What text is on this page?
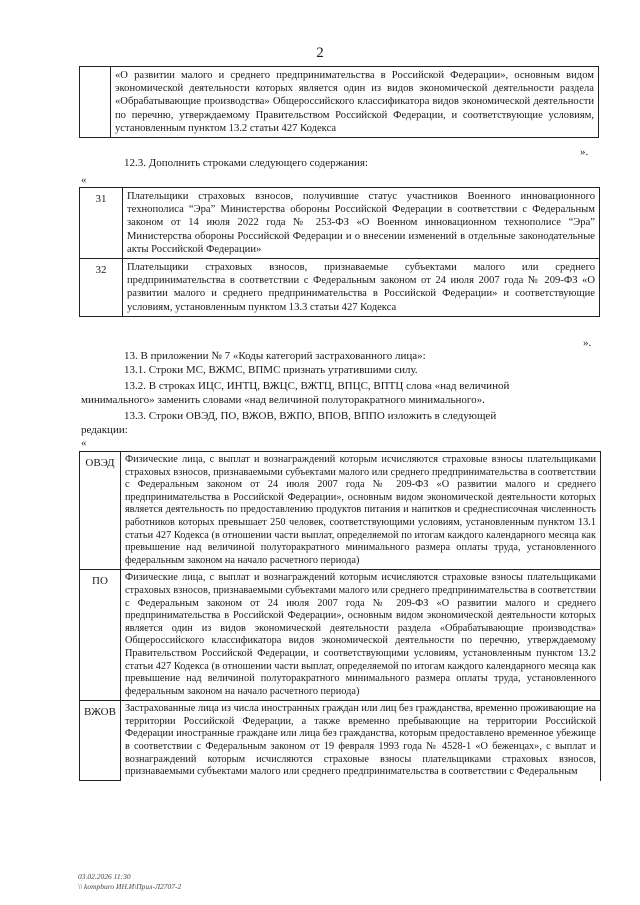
2
	«О развитии малого и среднего предпринимательства в Российской Федерации», основным видом экономической деятельности которых является один из видов экономической деятельности раздела «Обрабатывающие производства» Общероссийского классификатора видов экономической деятельности по перечню, утверждаемому Правительством Российской Федерации, и соответствующие условиям, установленным пунктом 13.2 статьи 427 Кодекса
».
12.3. Дополнить строками следующего содержания:
«
31	Плательщики страховых взносов, получившие статус участников Военного инновационного технополиса “Эра” Министерства обороны Российской Федерации в соответствии с Федеральным законом от 14 июля 2022 года № 253-ФЗ «О Военном инновационном технополисе “Эра” Министерства обороны Российской Федерации и о внесении изменений в отдельные законодательные акты Российской Федерации»
32	Плательщики страховых взносов, признаваемые субъектами малого или среднего предпринимательства в соответствии с Федеральным законом от 24 июля 2007 года № 209-ФЗ «О развитии малого и среднего предпринимательства в Российской Федерации» и соответствующие условиям, установленным пунктом 13.3 статьи 427 Кодекса
».
13. В приложении № 7 «Коды категорий застрахованного лица»:
13.1. Строки МС, ВЖМС, ВПМС признать утратившими силу.
13.2. В строках ИЦС, ИНТЦ, ВЖЦС, ВЖТЦ, ВПЦС, ВПТЦ слова «над величиной
минимального» заменить словами «над величиной полуторакратного минимального».
13.3. Строки ОВЭД, ПО, ВЖОВ, ВЖПО, ВПОВ, ВППО изложить в следующей
редакции:
«
ОВЭД	Физические лица, с выплат и вознаграждений которым исчисляются страховые взносы плательщиками страховых взносов, признаваемыми субъектами малого или среднего предпринимательства в соответствии с Федеральным законом от 24 июля 2007 года № 209-ФЗ «О развитии малого и среднего предпринимательства в Российской Федерации», основным видом экономической деятельности которых является деятельность по предоставлению продуктов питания и напитков и среднесписочная численность работников которых превышает 250 человек, соответствующими условиям, установленным пунктом 13.1 статьи 427 Кодекса (в отношении части выплат, определяемой по итогам каждого календарного месяца как превышение над величиной полуторакратного минимального размера оплаты труда, установленного федеральным законом на начало расчетного периода)
ПО	Физические лица, с выплат и вознаграждений которым исчисляются страховые взносы плательщиками страховых взносов, признаваемыми субъектами малого или среднего предпринимательства в соответствии с Федеральным законом от 24 июля 2007 года № 209-ФЗ «О развитии малого и среднего предпринимательства в Российской Федерации», основным видом экономической деятельности которых является один из видов экономической деятельности раздела «Обрабатывающие производства» Общероссийского классификатора видов экономической деятельности по перечню, утверждаемому Правительством Российской Федерации, и соответствующими условиям, установленным пунктом 13.2 статьи 427 Кодекса (в отношении части выплат, определяемой по итогам каждого календарного месяца как превышение над величиной полуторакратного минимального размера оплаты труда, установленного федеральным законом на начало расчетного периода)
ВЖОВ	Застрахованные лица из числа иностранных граждан или лиц без гражданства, временно проживающие на территории Российской Федерации, а также временно пребывающие на территории Российской Федерации иностранные граждане или лица без гражданства, которым предоставлено временное убежище в соответствии с Федеральным законом от 19 февраля 1993 года № 4528-1 «О беженцах», с выплат и вознаграждений которым исчисляются страховые взносы плательщиками страховых взносов, признаваемыми субъектами малого или среднего предпринимательства в соответствии с Федеральным
03.02.2026 11:30
\\ kompburo ИН.И\Прил-Л2707-2
